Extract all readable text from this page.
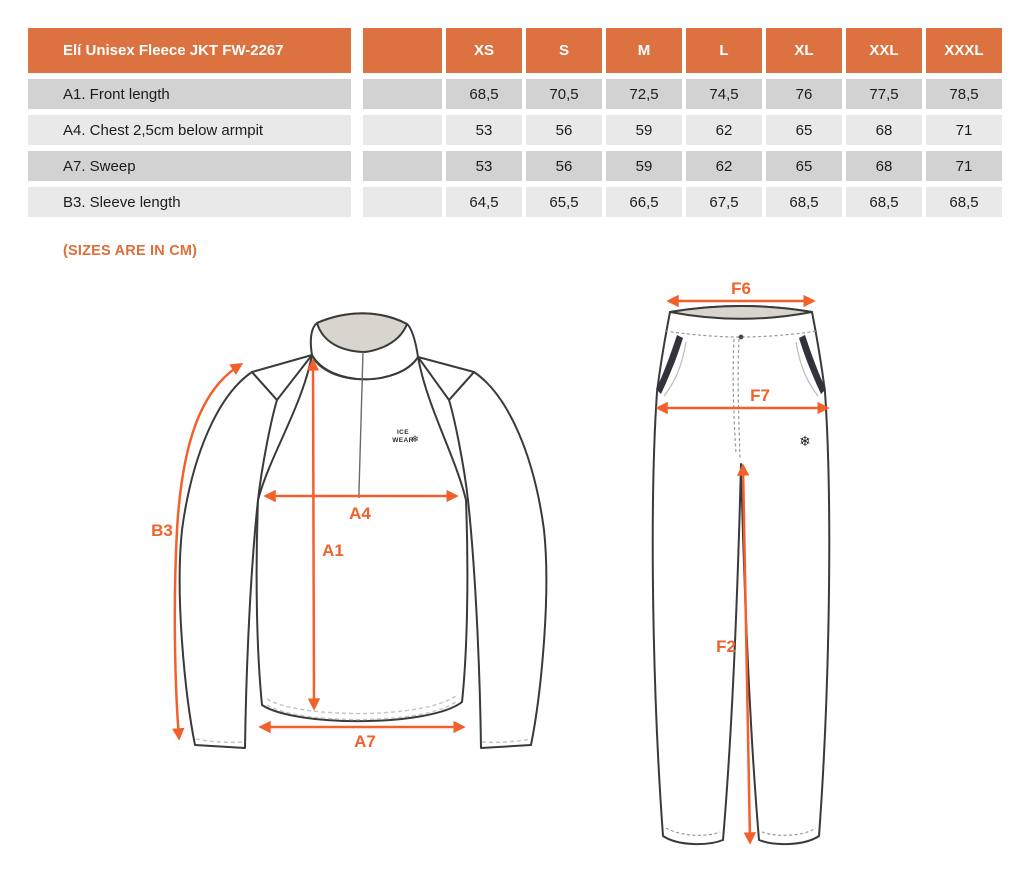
Elí Unisex Fleece JKT FW-2267	XS	S	M	L	XL	XXL	XXXL
A1. Front length	68,5	70,5	72,5	74,5	76	77,5	78,5
A4. Chest 2,5cm below armpit	53	56	59	62	65	68	71
A7. Sweep	53	56	59	62	65	68	71
B3. Sleeve length	64,5	65,5	66,5	67,5	68,5	68,5	68,5
(SIZES ARE IN CM)
ICE
WEAR
❄
B3
A4
A1
A7
❄
F6
F7
F2
